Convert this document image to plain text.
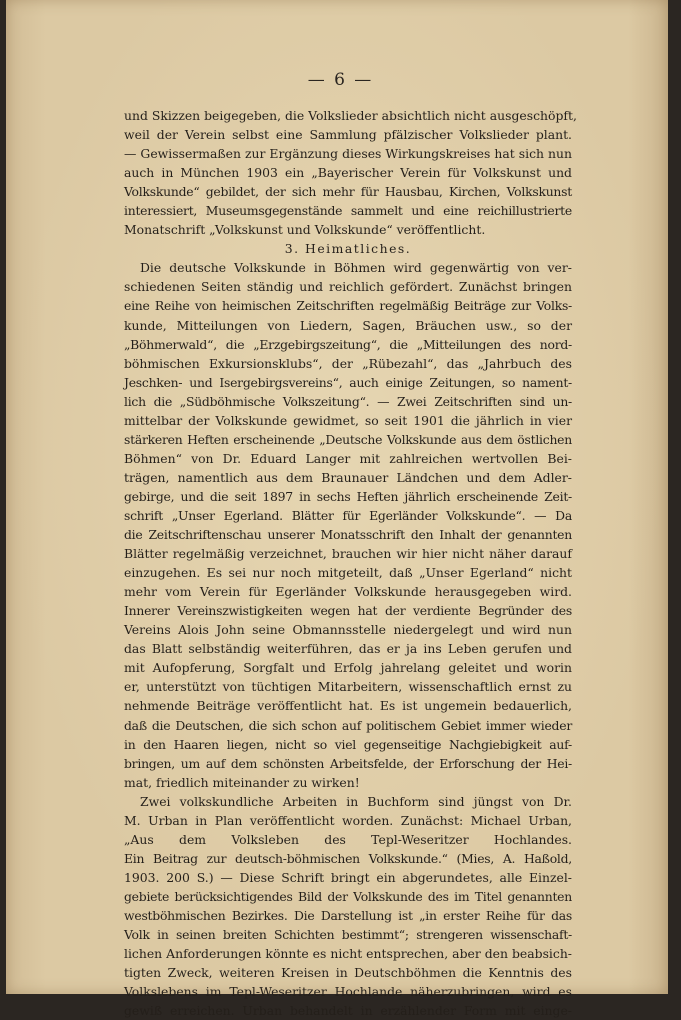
— 6 —
und Skizzen beigegeben, die Volkslieder absichtlich nicht ausgeschöpft,
weil der Verein selbst eine Sammlung pfälzischer Volkslieder plant.
— Gewissermaßen zur Ergänzung dieses Wirkungskreises hat sich nun
auch in München 1903 ein „Bayerischer Verein für Volkskunst und
Volkskunde“ gebildet, der sich mehr für Hausbau, Kirchen, Volkskunst
interessiert, Museumsgegenstände sammelt und eine reichillustrierte
Monatschrift „Volkskunst und Volkskunde“ veröffentlicht.
3. Heimatliches.
Die deutsche Volkskunde in Böhmen wird gegenwärtig von ver-
schiedenen Seiten ständig und reichlich gefördert. Zunächst bringen
eine Reihe von heimischen Zeitschriften regelmäßig Beiträge zur Volks-
kunde, Mitteilungen von Liedern, Sagen, Bräuchen usw., so der
„Böhmerwald“, die „Erzgebirgszeitung“, die „Mitteilungen des nord-
böhmischen Exkursionsklubs“, der „Rübezahl“, das „Jahrbuch des
Jeschken- und Isergebirgsvereins“, auch einige Zeitungen, so nament-
lich die „Südböhmische Volkszeitung“. — Zwei Zeitschriften sind un-
mittelbar der Volkskunde gewidmet, so seit 1901 die jährlich in vier
stärkeren Heften erscheinende „Deutsche Volkskunde aus dem östlichen
Böhmen“ von Dr. Eduard Langer mit zahlreichen wertvollen Bei-
trägen, namentlich aus dem Braunauer Ländchen und dem Adler-
gebirge, und die seit 1897 in sechs Heften jährlich erscheinende Zeit-
schrift „Unser Egerland. Blätter für Egerländer Volkskunde“. — Da
die Zeitschriftenschau unserer Monatsschrift den Inhalt der genannten
Blätter regelmäßig verzeichnet, brauchen wir hier nicht näher darauf
einzugehen. Es sei nur noch mitgeteilt, daß „Unser Egerland“ nicht
mehr vom Verein für Egerländer Volkskunde herausgegeben wird.
Innerer Vereinszwistigkeiten wegen hat der verdiente Begründer des
Vereins Alois John seine Obmannsstelle niedergelegt und wird nun
das Blatt selbständig weiterführen, das er ja ins Leben gerufen und
mit Aufopferung, Sorgfalt und Erfolg jahrelang geleitet und worin
er, unterstützt von tüchtigen Mitarbeitern, wissenschaftlich ernst zu
nehmende Beiträge veröffentlicht hat. Es ist ungemein bedauerlich,
daß die Deutschen, die sich schon auf politischem Gebiet immer wieder
in den Haaren liegen, nicht so viel gegenseitige Nachgiebigkeit auf-
bringen, um auf dem schönsten Arbeitsfelde, der Erforschung der Hei-
mat, friedlich miteinander zu wirken!
Zwei volkskundliche Arbeiten in Buchform sind jüngst von Dr.
M. Urban in Plan veröffentlicht worden. Zunächst: Michael Urban,
„Aus dem Volksleben des Tepl-Weseritzer Hochlandes.
Ein Beitrag zur deutsch-böhmischen Volkskunde.“ (Mies, A. Haßold,
1903. 200 S.) — Diese Schrift bringt ein abgerundetes, alle Einzel-
gebiete berücksichtigendes Bild der Volkskunde des im Titel genannten
westböhmischen Bezirkes. Die Darstellung ist „in erster Reihe für das
Volk in seinen breiten Schichten bestimmt“; strengeren wissenschaft-
lichen Anforderungen könnte es nicht entsprechen, aber den beabsich-
tigten Zweck, weiteren Kreisen in Deutschböhmen die Kenntnis des
Volkslebens im Tepl-Weseritzer Hochlande näherzubringen, wird es
gewiß erreichen. Urban behandelt in erzählender Form mit einge-
